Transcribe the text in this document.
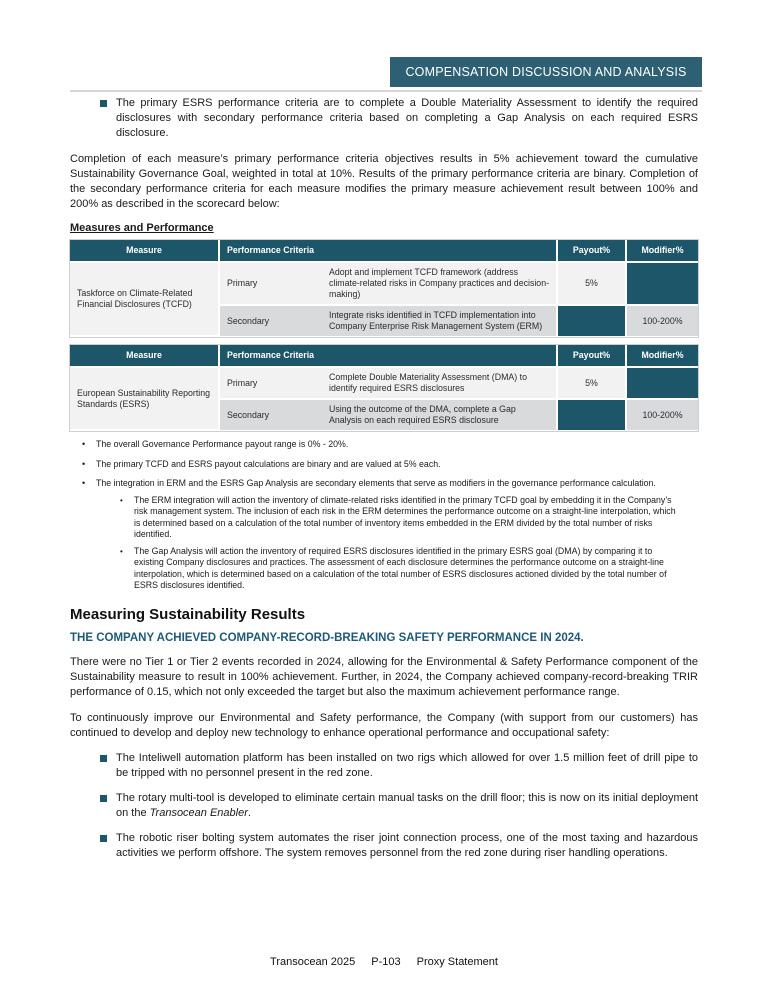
COMPENSATION DISCUSSION AND ANALYSIS

The primary ESRS performance criteria are to complete a Double Materiality Assessment to identify the required disclosures with secondary performance criteria based on completing a Gap Analysis on each required ESRS disclosure.

Completion of each measure’s primary performance criteria objectives results in 5% achievement toward the cumulative Sustainability Governance Goal, weighted in total at 10%. Results of the primary performance criteria are binary. Completion of the secondary performance criteria for each measure modifies the primary measure achievement result between 100% and 200% as described in the scorecard below:

Measures and Performance
Measure	Performance Criteria		Payout%	Modifier%
Taskforce on Climate-Related Financial Disclosures (TCFD)	Primary	Adopt and implement TCFD framework (address climate-related risks in Company practices and decision-making)	5%	
	Secondary	Integrate risks identified in TCFD implementation into Company Enterprise Risk Management System (ERM)		100-200%
Measure	Performance Criteria		Payout%	Modifier%
European Sustainability Reporting Standards (ESRS)	Primary	Complete Double Materiality Assessment (DMA) to identify required ESRS disclosures	5%	
	Secondary	Using the outcome of the DMA, complete a Gap Analysis on each required ESRS disclosure		100-200%
•	The overall Governance Performance payout range is 0% - 20%.

•	The primary TCFD and ESRS payout calculations are binary and are valued at 5% each.

•	The integration in ERM and the ESRS Gap Analysis are secondary elements that serve as modifiers in the governance performance calculation.

•	The ERM integration will action the inventory of climate-related risks identified in the primary TCFD goal by embedding it in the Company’s risk management system. The inclusion of each risk in the ERM determines the performance outcome on a straight-line interpolation, which is determined based on a calculation of the total number of inventory items embedded in the ERM divided by the total number of risks identified.

•	The Gap Analysis will action the inventory of required ESRS disclosures identified in the primary ESRS goal (DMA) by comparing it to existing Company disclosures and practices. The assessment of each disclosure determines the performance outcome on a straight-line interpolation, which is determined based on a calculation of the total number of ESRS disclosures actioned divided by the total number of ESRS disclosures identified.

Measuring Sustainability Results
THE COMPANY ACHIEVED COMPANY-RECORD-BREAKING SAFETY PERFORMANCE IN 2024.

There were no Tier 1 or Tier 2 events recorded in 2024, allowing for the Environmental & Safety Performance component of the Sustainability measure to result in 100% achievement. Further, in 2024, the Company achieved company-record-breaking TRIR performance of 0.15, which not only exceeded the target but also the maximum achievement performance range.

To continuously improve our Environmental and Safety performance, the Company (with support from our customers) has continued to develop and deploy new technology to enhance operational performance and occupational safety:

The Inteliwell automation platform has been installed on two rigs which allowed for over 1.5 million feet of drill pipe to be tripped with no personnel present in the red zone.

The rotary multi-tool is developed to eliminate certain manual tasks on the drill floor; this is now on its initial deployment on the Transocean Enabler.

The robotic riser bolting system automates the riser joint connection process, one of the most taxing and hazardous activities we perform offshore. The system removes personnel from the red zone during riser handling operations.

Transocean 2025 P-103 Proxy Statement
